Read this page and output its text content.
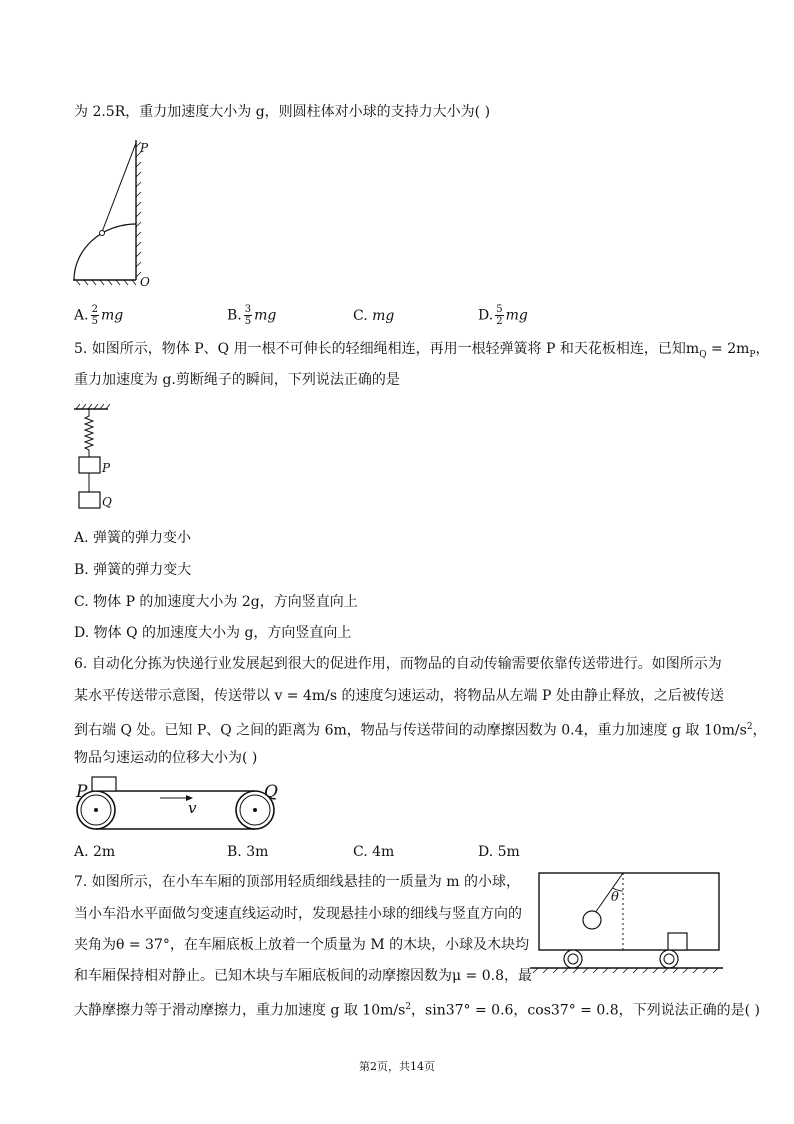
为 2.5R，重力加速度大小为 g，则圆柱体对小球的支持力大小为( )
P
O
A. $\frac{2}{5}$ mg	B. $\frac{3}{5}$ mg	C. mg	D. $\frac{5}{2}$ mg
5. 如图所示，物体 P、Q 用一根不可伸长的轻细绳相连，再用一根轻弹簧将 P 和天花板相连，已知$m_Q = 2m_P$，
重力加速度为 g.剪断绳子的瞬间，下列说法正确的是
P
Q
A. 弹簧的弹力变小
B. 弹簧的弹力变大
C. 物体 P 的加速度大小为 2g，方向竖直向上
D. 物体 Q 的加速度大小为 g，方向竖直向上
6. 自动化分拣为快递行业发展起到很大的促进作用，而物品的自动传输需要依靠传送带进行。如图所示为
某水平传送带示意图，传送带以 v = 4m/s 的速度匀速运动，将物品从左端 P 处由静止释放，之后被传送
到右端 Q 处。已知 P、Q 之间的距离为 6m，物品与传送带间的动摩擦因数为 0.4，重力加速度 g 取 $10m/s^2$，
物品匀速运动的位移大小为( )
P	Q
v
A. 2m	B. 3m	C. 4m	D. 5m
7. 如图所示，在小车车厢的顶部用轻质细线悬挂的一质量为 m 的小球，
当小车沿水平面做匀变速直线运动时，发现悬挂小球的细线与竖直方向的
夹角为θ = 37°，在车厢底板上放着一个质量为 M 的木块，小球及木块均
和车厢保持相对静止。已知木块与车厢底板间的动摩擦因数为μ = 0.8，最
大静摩擦力等于滑动摩擦力，重力加速度 g 取 $10m/s^2$，sin37° = 0.6，cos37° = 0.8，下列说法正确的是( )
θ
第2页，共14页
